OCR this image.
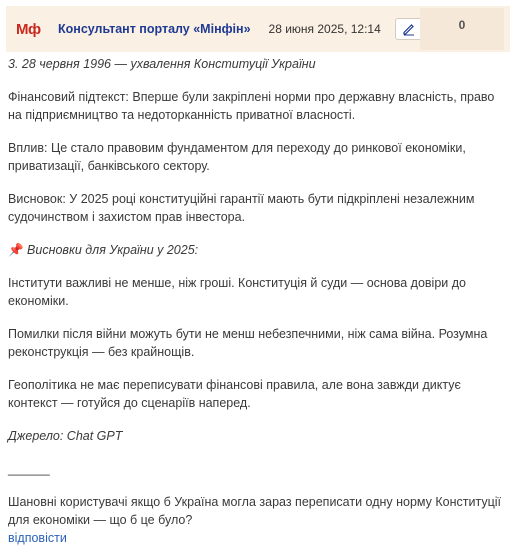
Мф	Консультант порталу «Мінфін» 28 июня 2025, 12:14	0

3. 28 червня 1996 — ухвалення Конституції України

Фінансовий підтекст: Вперше були закріплені норми про державну власність, право на підприємництво та недоторканність приватної власності.

Вплив: Це стало правовим фундаментом для переходу до ринкової економіки, приватизації, банківського сектору.

Висновок: У 2025 році конституційні гарантії мають бути підкріплені незалежним судочинством і захистом прав інвестора.

📌 Висновки для України у 2025:

Інститути важливі не менше, ніж гроші. Конституція й суди — основа довіри до економіки.

Помилки після війни можуть бути не менш небезпечними, ніж сама війна. Розумна реконструкція — без крайнощів.

Геополітика не має переписувати фінансові правила, але вона завжди диктує контекст — готуйся до сценаріїв наперед.

Джерело: Chat GPT

______

Шановні користувачі якщо б Україна могла зараз переписати одну норму Конституції для економіки — що б це було?

відповісти
